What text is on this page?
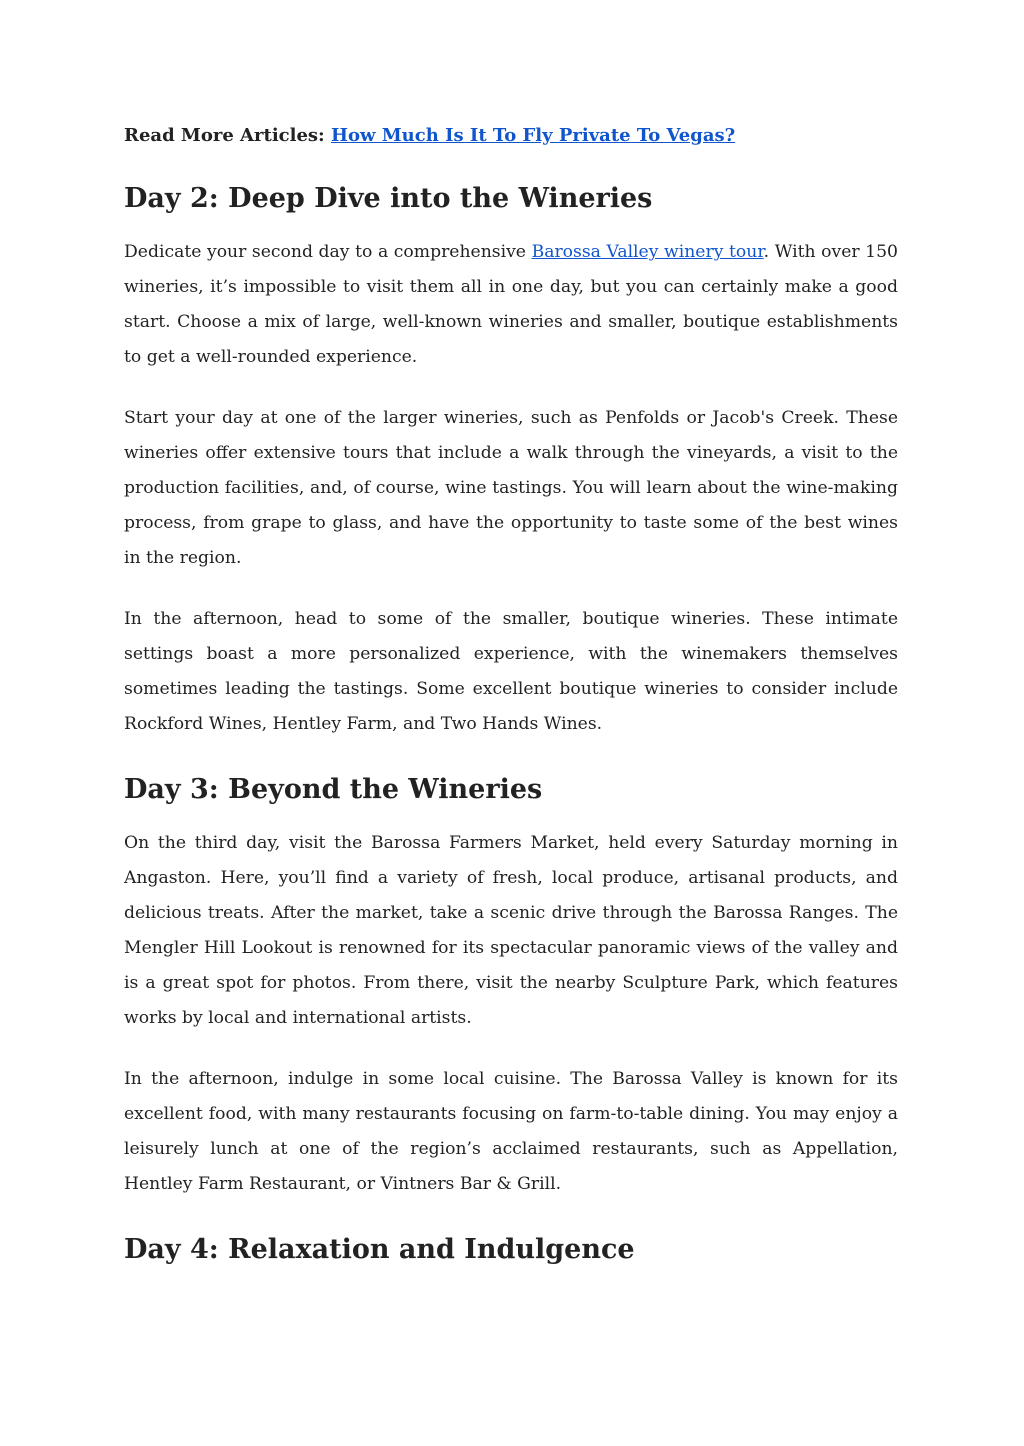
Read More Articles: How Much Is It To Fly Private To Vegas?
Day 2: Deep Dive into the Wineries

Dedicate your second day to a comprehensive Barossa Valley winery tour. With over 150 wineries, it’s impossible to visit them all in one day, but you can certainly make a good start. Choose a mix of large, well-known wineries and smaller, boutique establishments to get a well-rounded experience.

Start your day at one of the larger wineries, such as Penfolds or Jacob's Creek. These wineries offer extensive tours that include a walk through the vineyards, a visit to the production facilities, and, of course, wine tastings. You will learn about the wine-making process, from grape to glass, and have the opportunity to taste some of the best wines in the region.

In the afternoon, head to some of the smaller, boutique wineries. These intimate settings boast a more personalized experience, with the winemakers themselves sometimes leading the tastings. Some excellent boutique wineries to consider include Rockford Wines, Hentley Farm, and Two Hands Wines.

Day 3: Beyond the Wineries

On the third day, visit the Barossa Farmers Market, held every Saturday morning in Angaston. Here, you’ll find a variety of fresh, local produce, artisanal products, and delicious treats. After the market, take a scenic drive through the Barossa Ranges. The Mengler Hill Lookout is renowned for its spectacular panoramic views of the valley and is a great spot for photos. From there, visit the nearby Sculpture Park, which features works by local and international artists.

In the afternoon, indulge in some local cuisine. The Barossa Valley is known for its excellent food, with many restaurants focusing on farm-to-table dining. You may enjoy a leisurely lunch at one of the region’s acclaimed restaurants, such as Appellation, Hentley Farm Restaurant, or Vintners Bar & Grill.

Day 4: Relaxation and Indulgence
